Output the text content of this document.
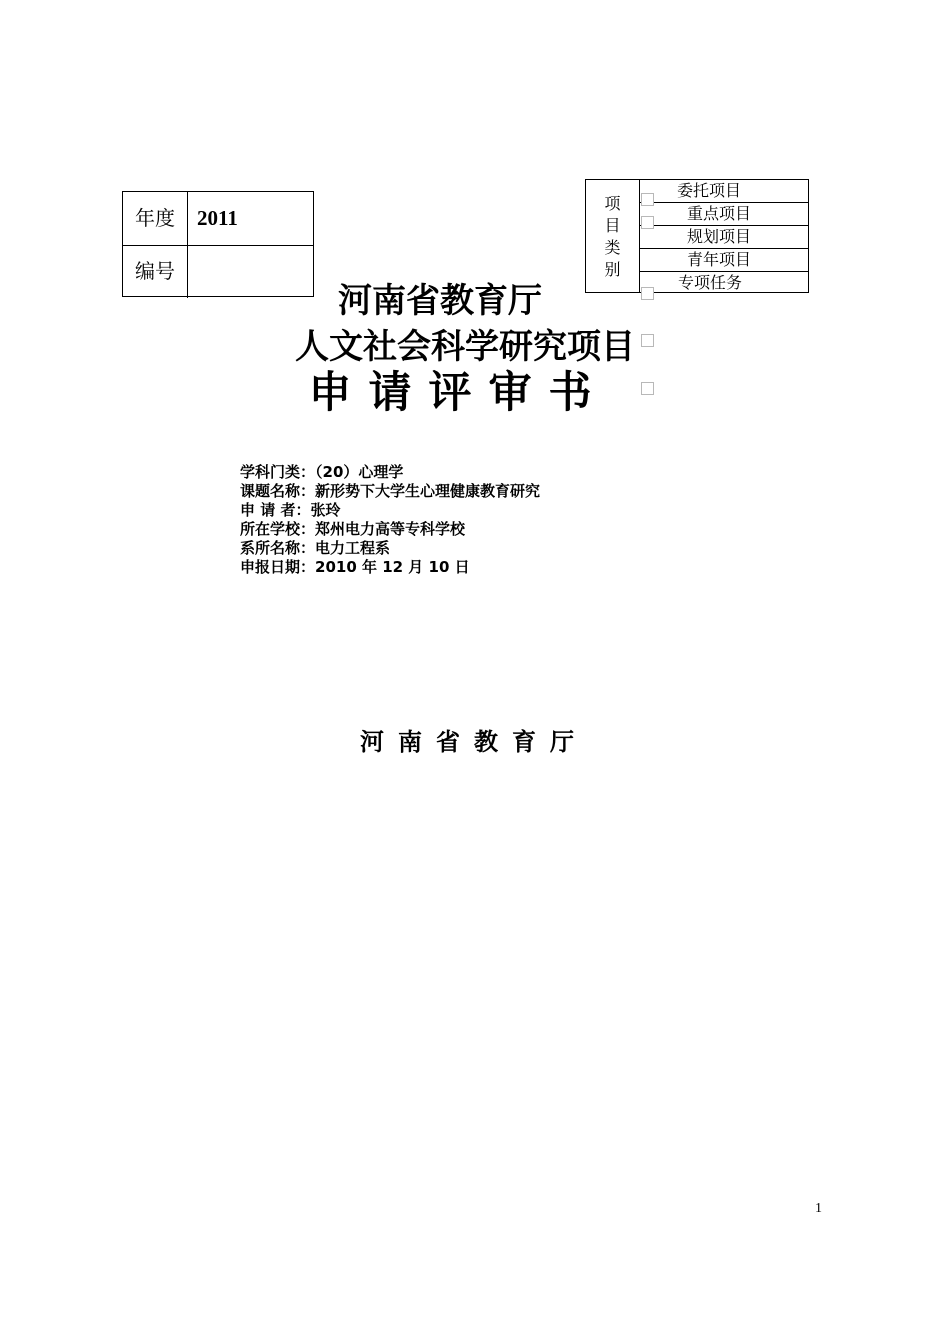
年度	2011
编号
项
目
类
别
委托项目
重点项目
规划项目
青年项目
专项任务
河南省教育厅
人文社会科学研究项目
申请评审书
学科门类：（20）心理学
课题名称：新形势下大学生心理健康教育研究
申 请 者：张玲
所在学校：郑州电力高等专科学校
系所名称：电力工程系
申报日期：2010 年 12 月 10 日
河南省教育厅
1
